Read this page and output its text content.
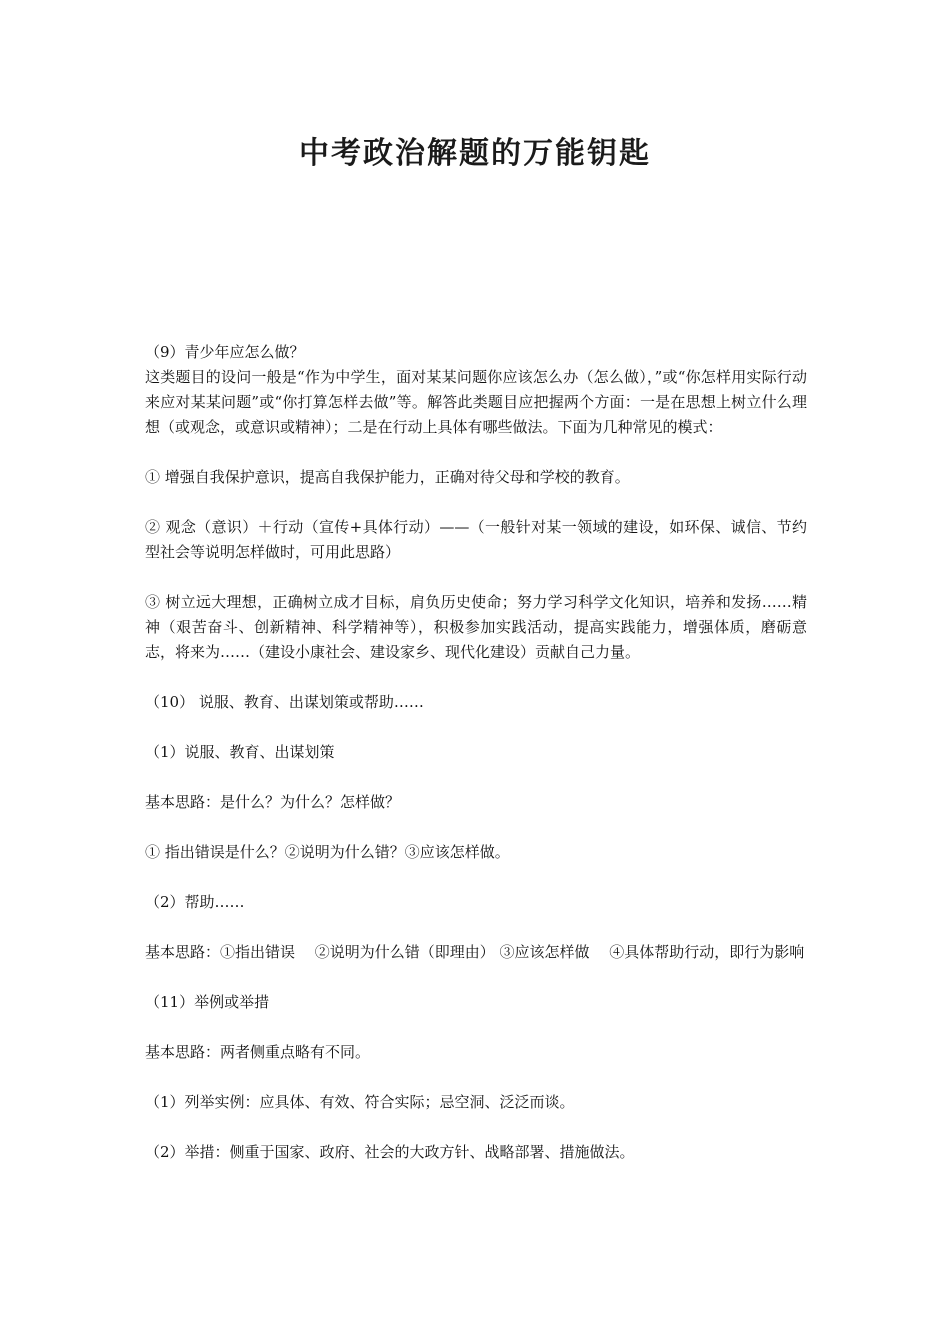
中考政治解题的万能钥匙

（9）青少年应怎么做？

这类题目的设问一般是“作为中学生，面对某某问题你应该怎么办（怎么做），”或“你怎样用实际行动来应对某某问题”或“你打算怎样去做”等。解答此类题目应把握两个方面：一是在思想上树立什么理想（或观念，或意识或精神）；二是在行动上具体有哪些做法。下面为几种常见的模式：

① 增强自我保护意识，提高自我保护能力，正确对待父母和学校的教育。

② 观念（意识）＋行动（宣传+具体行动）——（一般针对某一领域的建设，如环保、诚信、节约型社会等说明怎样做时，可用此思路）

③ 树立远大理想，正确树立成才目标，肩负历史使命；努力学习科学文化知识，培养和发扬……精神（艰苦奋斗、创新精神、科学精神等），积极参加实践活动，提高实践能力，增强体质，磨砺意志，将来为……（建设小康社会、建设家乡、现代化建设）贡献自己力量。

（10） 说服、教育、出谋划策或帮助……

（1）说服、教育、出谋划策

基本思路：是什么？为什么？怎样做？

① 指出错误是什么？②说明为什么错？③应该怎样做。

（2）帮助……

基本思路：①指出错误　 ②说明为什么错（即理由） ③应该怎样做　 ④具体帮助行动，即行为影响

（11）举例或举措

基本思路：两者侧重点略有不同。

（1）列举实例：应具体、有效、符合实际；忌空洞、泛泛而谈。

（2）举措：侧重于国家、政府、社会的大政方针、战略部署、措施做法。
